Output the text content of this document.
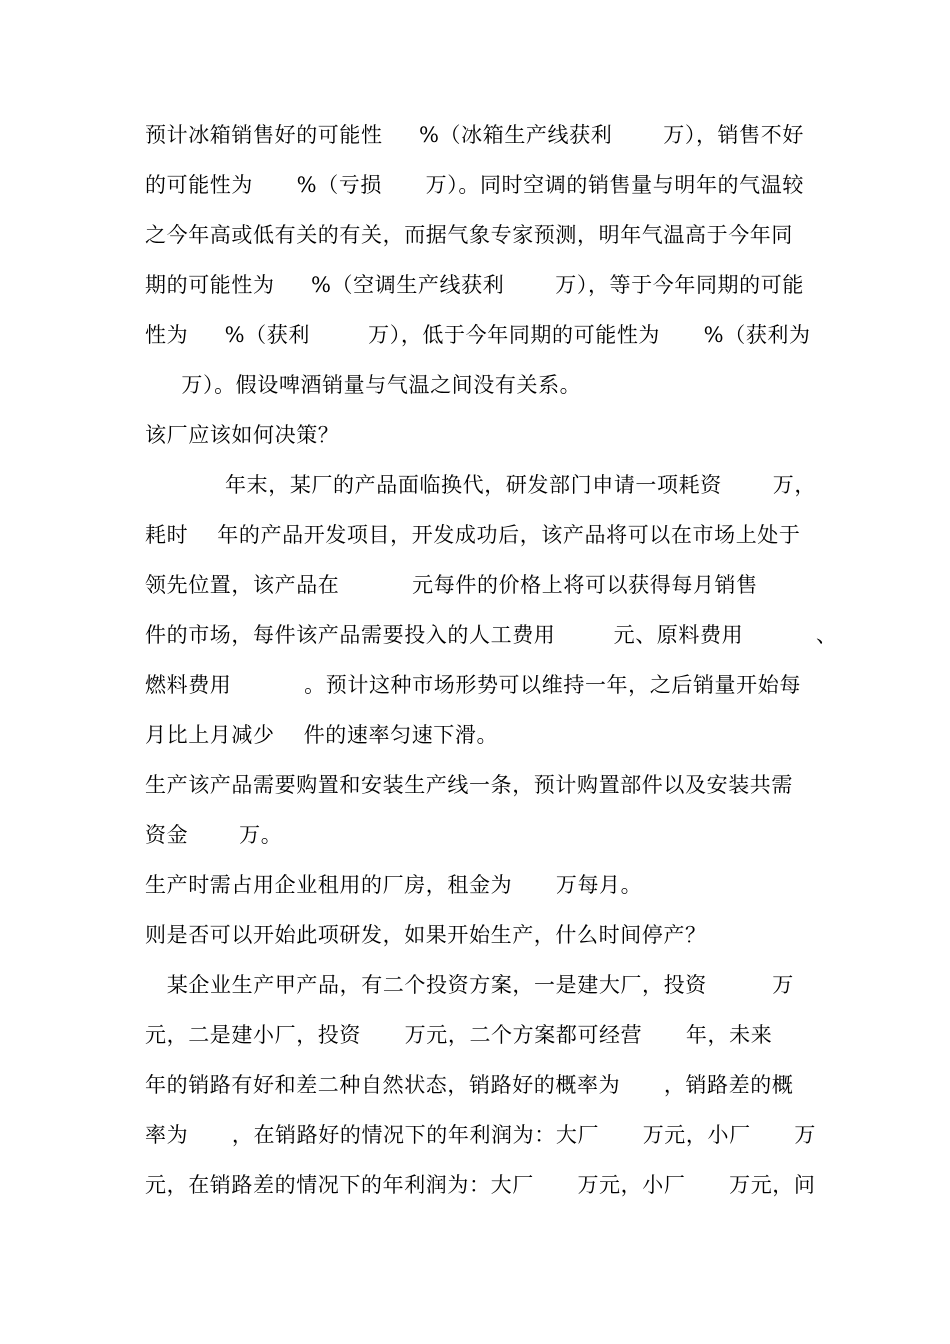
预计冰箱销售好的可能性     %（冰箱生产线获利       万），销售不好
的可能性为      %（亏损      万）。同时空调的销售量与明年的气温较
之今年高或低有关的有关，而据气象专家预测，明年气温高于今年同
期的可能性为     %（空调生产线获利       万），等于今年同期的可能
性为     %（获利        万），低于今年同期的可能性为      %（获利为
万）。假设啤酒销量与气温之间没有关系。
该厂应该如何决策？
年末，某厂的产品面临换代，研发部门申请一项耗资       万，
耗时    年的产品开发项目，开发成功后，该产品将可以在市场上处于
领先位置，该产品在          元每件的价格上将可以获得每月销售
件的市场，每件该产品需要投入的人工费用        元、原料费用          、
燃料费用          。预计这种市场形势可以维持一年，之后销量开始每
月比上月减少    件的速率匀速下滑。
生产该产品需要购置和安装生产线一条，预计购置部件以及安装共需
资金       万。
生产时需占用企业租用的厂房，租金为      万每月。
则是否可以开始此项研发，如果开始生产，什么时间停产？
某企业生产甲产品，有二个投资方案，一是建大厂，投资         万
元，二是建小厂，投资      万元，二个方案都可经营      年，未来
年的销路有好和差二种自然状态，销路好的概率为      ，销路差的概
率为      ，在销路好的情况下的年利润为：大厂      万元，小厂      万
元，在销路差的情况下的年利润为：大厂      万元，小厂      万元，问
